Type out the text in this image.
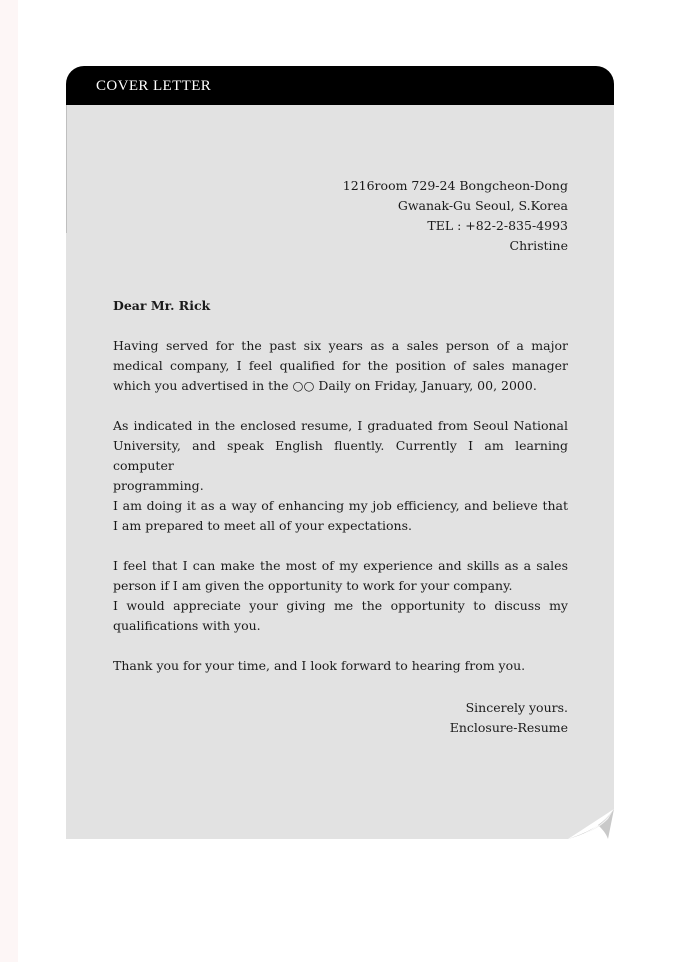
COVER LETTER
1216room 729-24 Bongcheon-Dong
Gwanak-Gu Seoul, S.Korea
TEL : +82-2-835-4993
Christine
Dear Mr. Rick

Having served for the past six years as a sales person of a major
medical company, I feel qualified for the position of sales manager
which you advertised in the ○○ Daily on Friday, January, 00, 2000.

As indicated in the enclosed resume, I graduated from Seoul National
University, and speak English fluently. Currently I am learning computer
programming.
I am doing it as a way of enhancing my job efficiency, and believe that
I am prepared to meet all of your expectations.

I feel that I can make the most of my experience and skills as a sales
person if I am given the opportunity to work for your company.
I would appreciate your giving me the opportunity to discuss my
qualifications with you.

Thank you for your time, and I look forward to hearing from you.

Sincerely yours.
Enclosure-Resume
